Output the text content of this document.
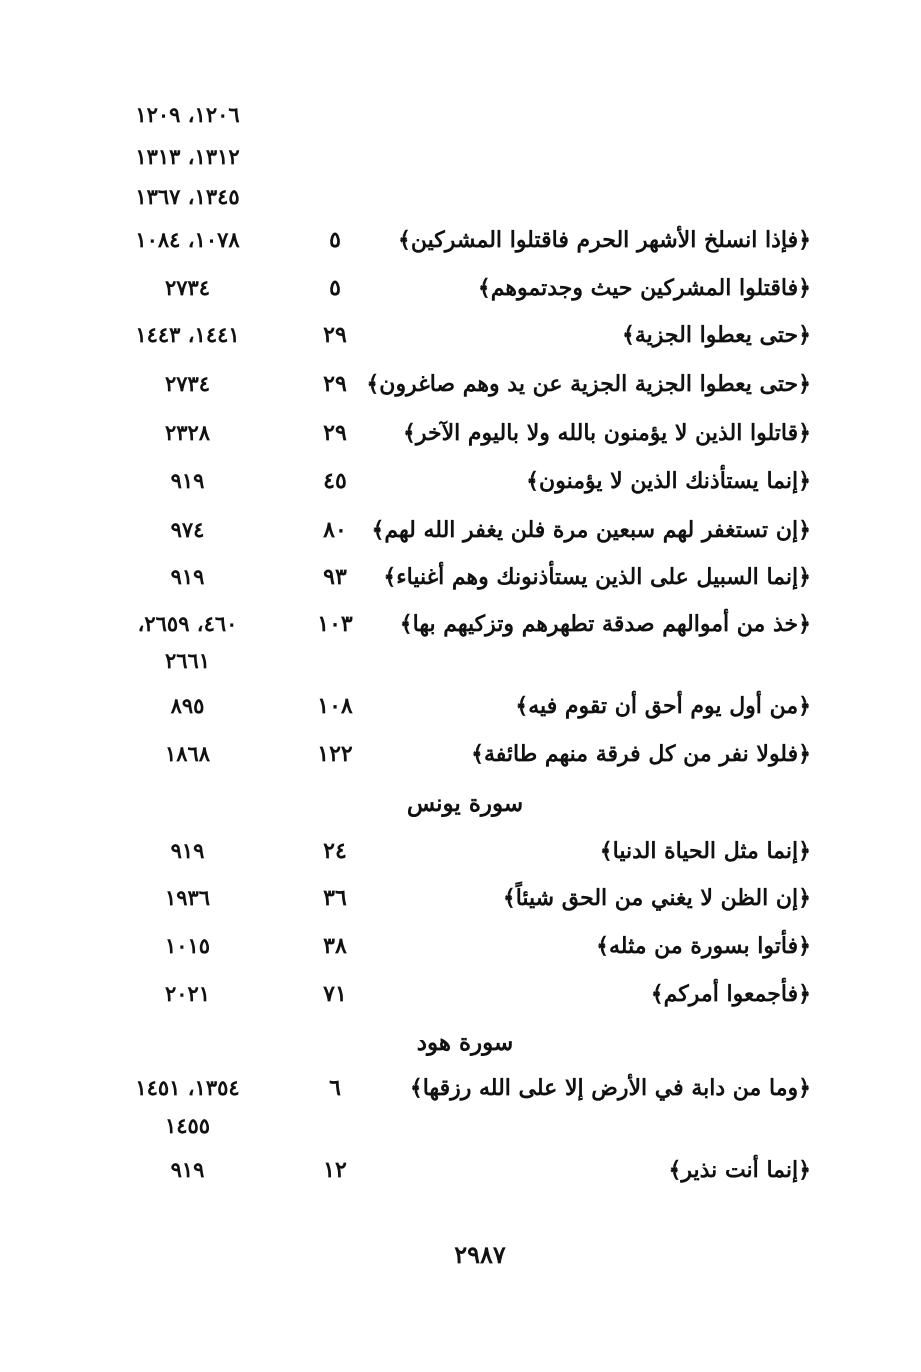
١٢٠٦، ١٢٠٩
١٣١٢، ١٣١٣
١٣٤٥، ١٣٦٧
﴿فإذا انسلخ الأشهر الحرم فاقتلوا المشركين﴾
٥
١٠٧٨، ١٠٨٤
﴿فاقتلوا المشركين حيث وجدتموهم﴾
٥
٢٧٣٤
﴿حتى يعطوا الجزية﴾
٢٩
١٤٤١، ١٤٤٣
﴿حتى يعطوا الجزية الجزية عن يد وهم صاغرون﴾
٢٩
٢٧٣٤
﴿قاتلوا الذين لا يؤمنون بالله ولا باليوم الآخر﴾
٢٩
٢٣٢٨
﴿إنما يستأذنك الذين لا يؤمنون﴾
٤٥
٩١٩
﴿إن تستغفر لهم سبعين مرة فلن يغفر الله لهم﴾
٨٠
٩٧٤
﴿إنما السبيل على الذين يستأذنونك وهم أغنياء﴾
٩٣
٩١٩
﴿خذ من أموالهم صدقة تطهرهم وتزكيهم بها﴾
١٠٣
٤٦٠، ٢٦٥٩،
٢٦٦١
﴿من أول يوم أحق أن تقوم فيه﴾
١٠٨
٨٩٥
﴿فلولا نفر من كل فرقة منهم طائفة﴾
١٢٢
١٨٦٨
سورة يونس
﴿إنما مثل الحياة الدنيا﴾
٢٤
٩١٩
﴿إن الظن لا يغني من الحق شيئاً﴾
٣٦
١٩٣٦
﴿فأتوا بسورة من مثله﴾
٣٨
١٠١٥
﴿فأجمعوا أمركم﴾
٧١
٢٠٢١
سورة هود
﴿وما من دابة في الأرض إلا على الله رزقها﴾
٦
١٣٥٤، ١٤٥١
١٤٥٥
﴿إنما أنت نذير﴾
١٢
٩١٩
٢٩٨٧
